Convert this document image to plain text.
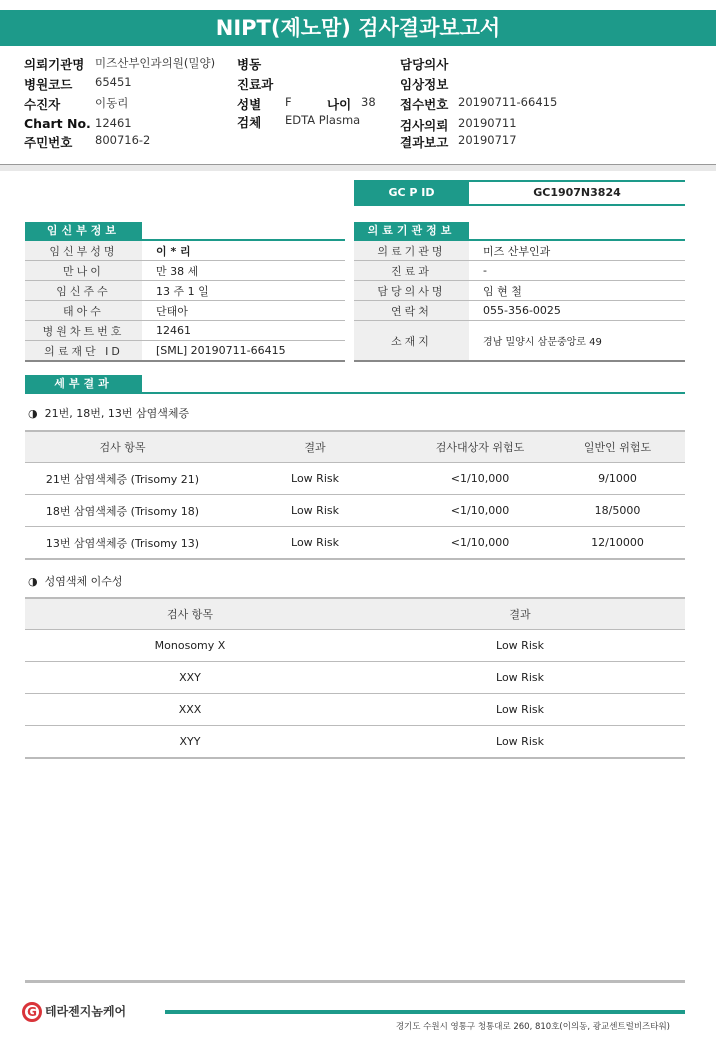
NIPT(제노맘) 검사결과보고서
의뢰기관명 미즈산부인과의원(밀양)
병원코드 65451
수진자	이동리
Chart No. 12461
주민번호 800716-2
병동
진료과
성별 F	나이 38
검체 EDTA Plasma
담당의사
임상정보
접수번호 20190711-66415
검사의뢰 20190711
결과보고 20190717
GC P ID	GC1907N3824
임신부정보	의료기관정보
임신부성명	이 * 리
만나이	만 38 세
임신주수	13 주 1 일
태아수	단태아
병원차트번호	12461
의료재단 ID	[SML] 20190711-66415
의료기관명	미즈 산부인과
진료과	-
담당의사명	임 현 철
연락처	055-356-0025
소재지	경남 밀양시 삼문중앙로 49
세부결과
◑ 21번, 18번, 13번 삼염색체증
검사 항목	결과	검사대상자 위험도	일반인 위험도
21번 삼염색체증 (Trisomy 21)	Low Risk	<1/10,000	9/1000
18번 삼염색체증 (Trisomy 18)	Low Risk	<1/10,000	18/5000
13번 삼염색체증 (Trisomy 13)	Low Risk	<1/10,000	12/10000
◑ 성염색체 이수성
검사 항목	결과
Monosomy X	Low Risk
XXY	Low Risk
XXX	Low Risk
XYY	Low Risk
G 테라젠지놈케어
경기도 수원시 영통구 청통대로 260, 810호(이의동, 광교센트럴비즈타워)
